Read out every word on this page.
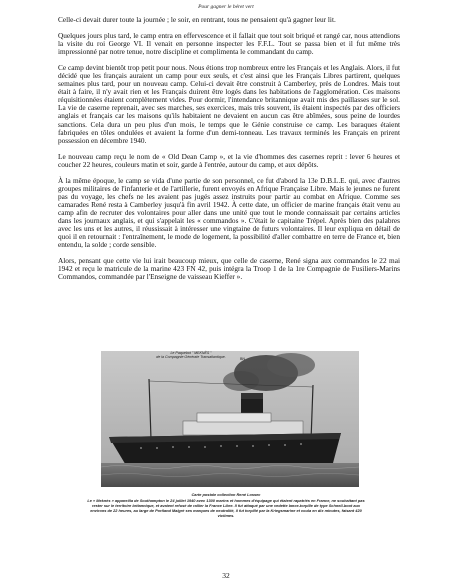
Pour gagner le béret vert

Celle-ci devait durer toute la journée ; le soir, en rentrant, tous ne pensaient qu'à gagner leur lit.

Quelques jours plus tard, le camp entra en effervescence et il fallait que tout soit briqué et rangé car, nous attendions la visite du roi George VI. Il venait en personne inspecter les F.F.L. Tout se passa bien et il fut même très impressionné par notre tenue, notre discipline et complimenta le commandant du camp.

Ce camp devint bientôt trop petit pour nous. Nous étions trop nombreux entre les Français et les Anglais. Alors, il fut décidé que les français auraient un camp pour eux seuls, et c'est ainsi que les Français Libres partirent, quelques semaines plus tard, pour un nouveau camp. Celui-ci devait être construit à Camberley, près de Londres. Mais tout était à faire, il n'y avait rien et les Français duirent être logés dans les habitations de l'agglomération. Ces maisons réquisitionnées étaient complètement vides. Pour dormir, l'intendance britannique avait mis des paillasses sur le sol. La vie de caserne reprenait, avec ses marches, ses exercices, mais très souvent, ils étaient inspectés par des officiers anglais et français car les maisons qu'ils habitaient ne devaient en aucun cas être abîmées, sous peine de lourdes sanctions. Cela dura un peu plus d'un mois, le temps que le Génie construise ce camp. Les baraques étaient fabriquées en tôles ondulées et avaient la forme d'un demi-tonneau. Les travaux terminés les Français en prirent possession en décembre 1940.

Le nouveau camp reçu le nom de « Old Dean Camp », et la vie d'hommes des casernes reprit : lever 6 heures et coucher 22 heures, couleurs matin et soir, garde à l'entrée, autour du camp, et aux dépôts.

À la même époque, le camp se vida d'une partie de son personnel, ce fut d'abord la 13e D.B.L.E. qui, avec d'autres groupes militaires de l'infanterie et de l'artillerie, furent envoyés en Afrique Française Libre. Mais le jeunes ne furent pas du voyage, les chefs ne les avaient pas jugés assez instruits pour partir au combat en Afrique. Comme ses camarades René resta à Camberley jusqu'à fin avril 1942. À cette date, un officier de marine français était venu au camp afin de recruter des volontaires pour aller dans une unité que tout le monde connaissait par certains articles dans les journaux anglais, et qui s'appelait les « commandos ». C'était le capitaine Trépel. Après bien des palabres avec les uns et les autres, il réussissait à intéresser une vingtaine de futurs volontaires. Il leur expliqua en détail de quoi il en retournait : l'entraînement, le mode de logement, la possibilité d'aller combattre en terre de France et, bien entendu, la solde ; corde sensible.

Alors, pensant que cette vie lui irait beaucoup mieux, que celle de caserne, René signa aux commandos le 22 mai 1942 et reçu le matricule de la marine 423 FN 42, puis intégra la Troop 1 de la 1re Compagnie de Fusiliers-Marins Commandos, commandée par l'Enseigne de vaisseau Kieffer ».

Le Paquebot " MEKNÈS "
de la Compagnie Générale Transatlantique.	BN
Carte postale collection René Lossec
Le « Meknès » appareilla de Southampton le 24 juillet 1940 avec 1300 marins et hommes d'équipage qui étaient rapatriés en France, ne souhaitant pas rester sur le territoire britannique, et avaient refusé de rallier la France Libre. Il fut attaqué par une vedette lance-torpille de type Schnell-boot aux environs de 22 heures, au large de Portland Malgré ses marques de neutralité, il fut torpillé par la Kriegsmarine et coula en dix minutes, faisant 420 victimes.
32
